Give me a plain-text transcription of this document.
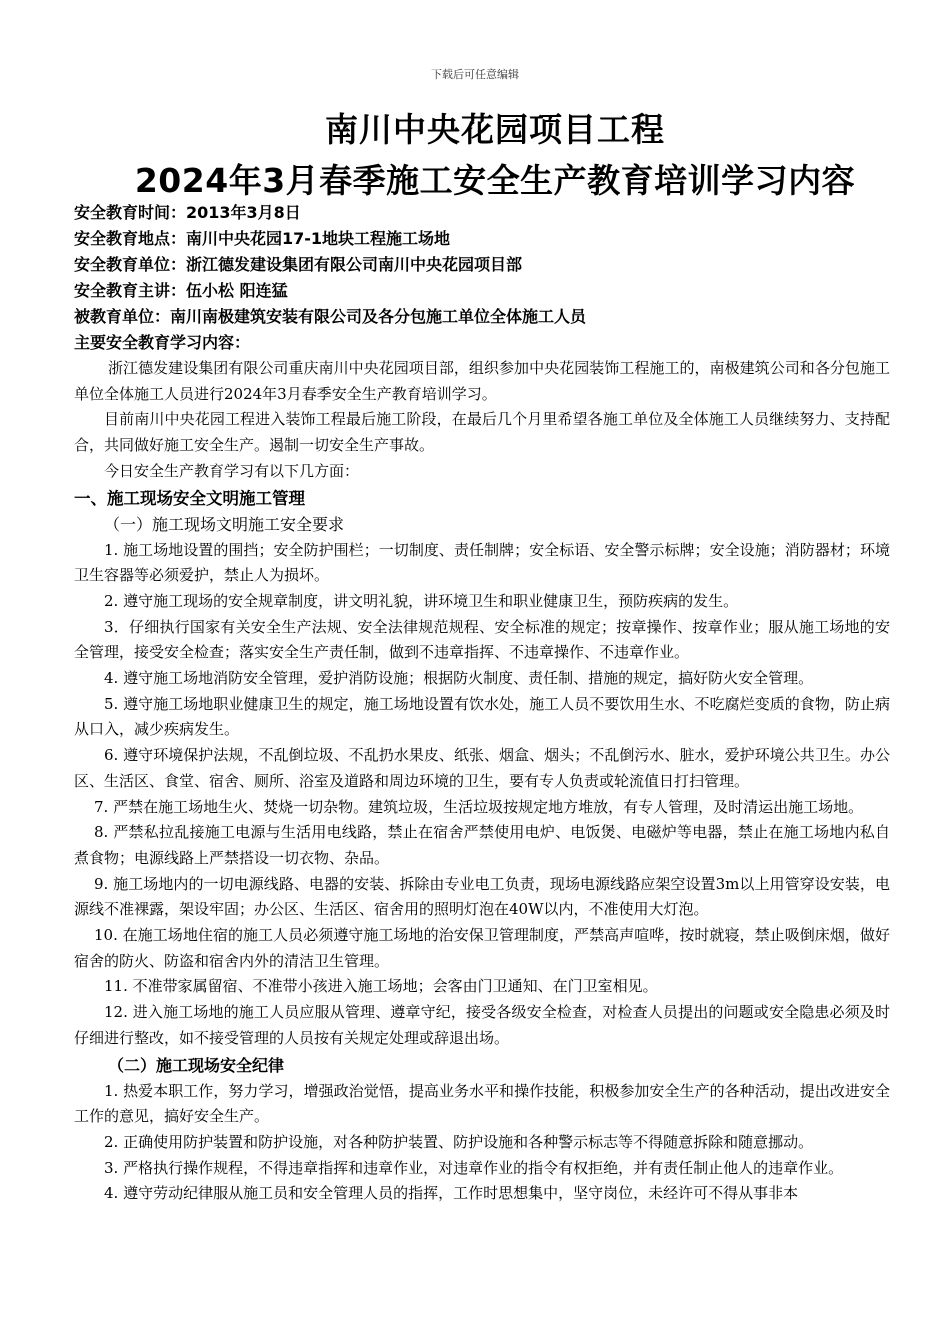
下载后可任意编辑
南川中央花园项目工程
2024年3月春季施工安全生产教育培训学习内容

安全教育时间：2013年3月8日

安全教育地点：南川中央花园17-1地块工程施工场地

安全教育单位：浙江德发建设集团有限公司南川中央花园项目部

安全教育主讲：伍小松 阳连猛

被教育单位：南川南极建筑安装有限公司及各分包施工单位全体施工人员

主要安全教育学习内容：

浙江德发建设集团有限公司重庆南川中央花园项目部，组织参加中央花园装饰工程施工的，南极建筑公司和各分包施工单位全体施工人员进行2024年3月春季安全生产教育培训学习。

目前南川中央花园工程进入装饰工程最后施工阶段，在最后几个月里希望各施工单位及全体施工人员继续努力、支持配合，共同做好施工安全生产。遏制一切安全生产事故。

今日安全生产教育学习有以下几方面：

一、施工现场安全文明施工管理

（一）施工现场文明施工安全要求

1. 施工场地设置的围挡；安全防护围栏；一切制度、责任制牌；安全标语、安全警示标牌；安全设施；消防器材；环境卫生容器等必须爱护，禁止人为损坏。

2. 遵守施工现场的安全规章制度，讲文明礼貌，讲环境卫生和职业健康卫生，预防疾病的发生。

3．仔细执行国家有关安全生产法规、安全法律规范规程、安全标准的规定；按章操作、按章作业；服从施工场地的安全管理，接受安全检查；落实安全生产责任制，做到不违章指挥、不违章操作、不违章作业。

4. 遵守施工场地消防安全管理，爱护消防设施；根据防火制度、责任制、措施的规定，搞好防火安全管理。

5. 遵守施工场地职业健康卫生的规定，施工场地设置有饮水处，施工人员不要饮用生水、不吃腐烂变质的食物，防止病从口入，减少疾病发生。

6. 遵守环境保护法规，不乱倒垃圾、不乱扔水果皮、纸张、烟盒、烟头；不乱倒污水、脏水，爱护环境公共卫生。办公区、生活区、食堂、宿舍、厕所、浴室及道路和周边环境的卫生，要有专人负责或轮流值日打扫管理。

7. 严禁在施工场地生火、焚烧一切杂物。建筑垃圾，生活垃圾按规定地方堆放，有专人管理，及时清运出施工场地。

8. 严禁私拉乱接施工电源与生活用电线路，禁止在宿舍严禁使用电炉、电饭煲、电磁炉等电器，禁止在施工场地内私自煮食物；电源线路上严禁搭设一切衣物、杂品。

9. 施工场地内的一切电源线路、电器的安装、拆除由专业电工负责，现场电源线路应架空设置3m以上用管穿设安装，电源线不准裸露，架设牢固；办公区、生活区、宿舍用的照明灯泡在40W以内，不准使用大灯泡。

10. 在施工场地住宿的施工人员必须遵守施工场地的治安保卫管理制度，严禁高声喧哗，按时就寝，禁止吸倒床烟，做好宿舍的防火、防盗和宿舍内外的清洁卫生管理。

11. 不准带家属留宿、不准带小孩进入施工场地；会客由门卫通知、在门卫室相见。

12. 进入施工场地的施工人员应服从管理、遵章守纪，接受各级安全检查，对检查人员提出的问题或安全隐患必须及时仔细进行整改，如不接受管理的人员按有关规定处理或辞退出场。

（二）施工现场安全纪律

1. 热爱本职工作，努力学习，增强政治觉悟，提高业务水平和操作技能，积极参加安全生产的各种活动，提出改进安全工作的意见，搞好安全生产。

2. 正确使用防护装置和防护设施，对各种防护装置、防护设施和各种警示标志等不得随意拆除和随意挪动。

3. 严格执行操作规程，不得违章指挥和违章作业，对违章作业的指令有权拒绝，并有责任制止他人的违章作业。

4. 遵守劳动纪律服从施工员和安全管理人员的指挥，工作时思想集中，坚守岗位，未经许可不得从事非本
